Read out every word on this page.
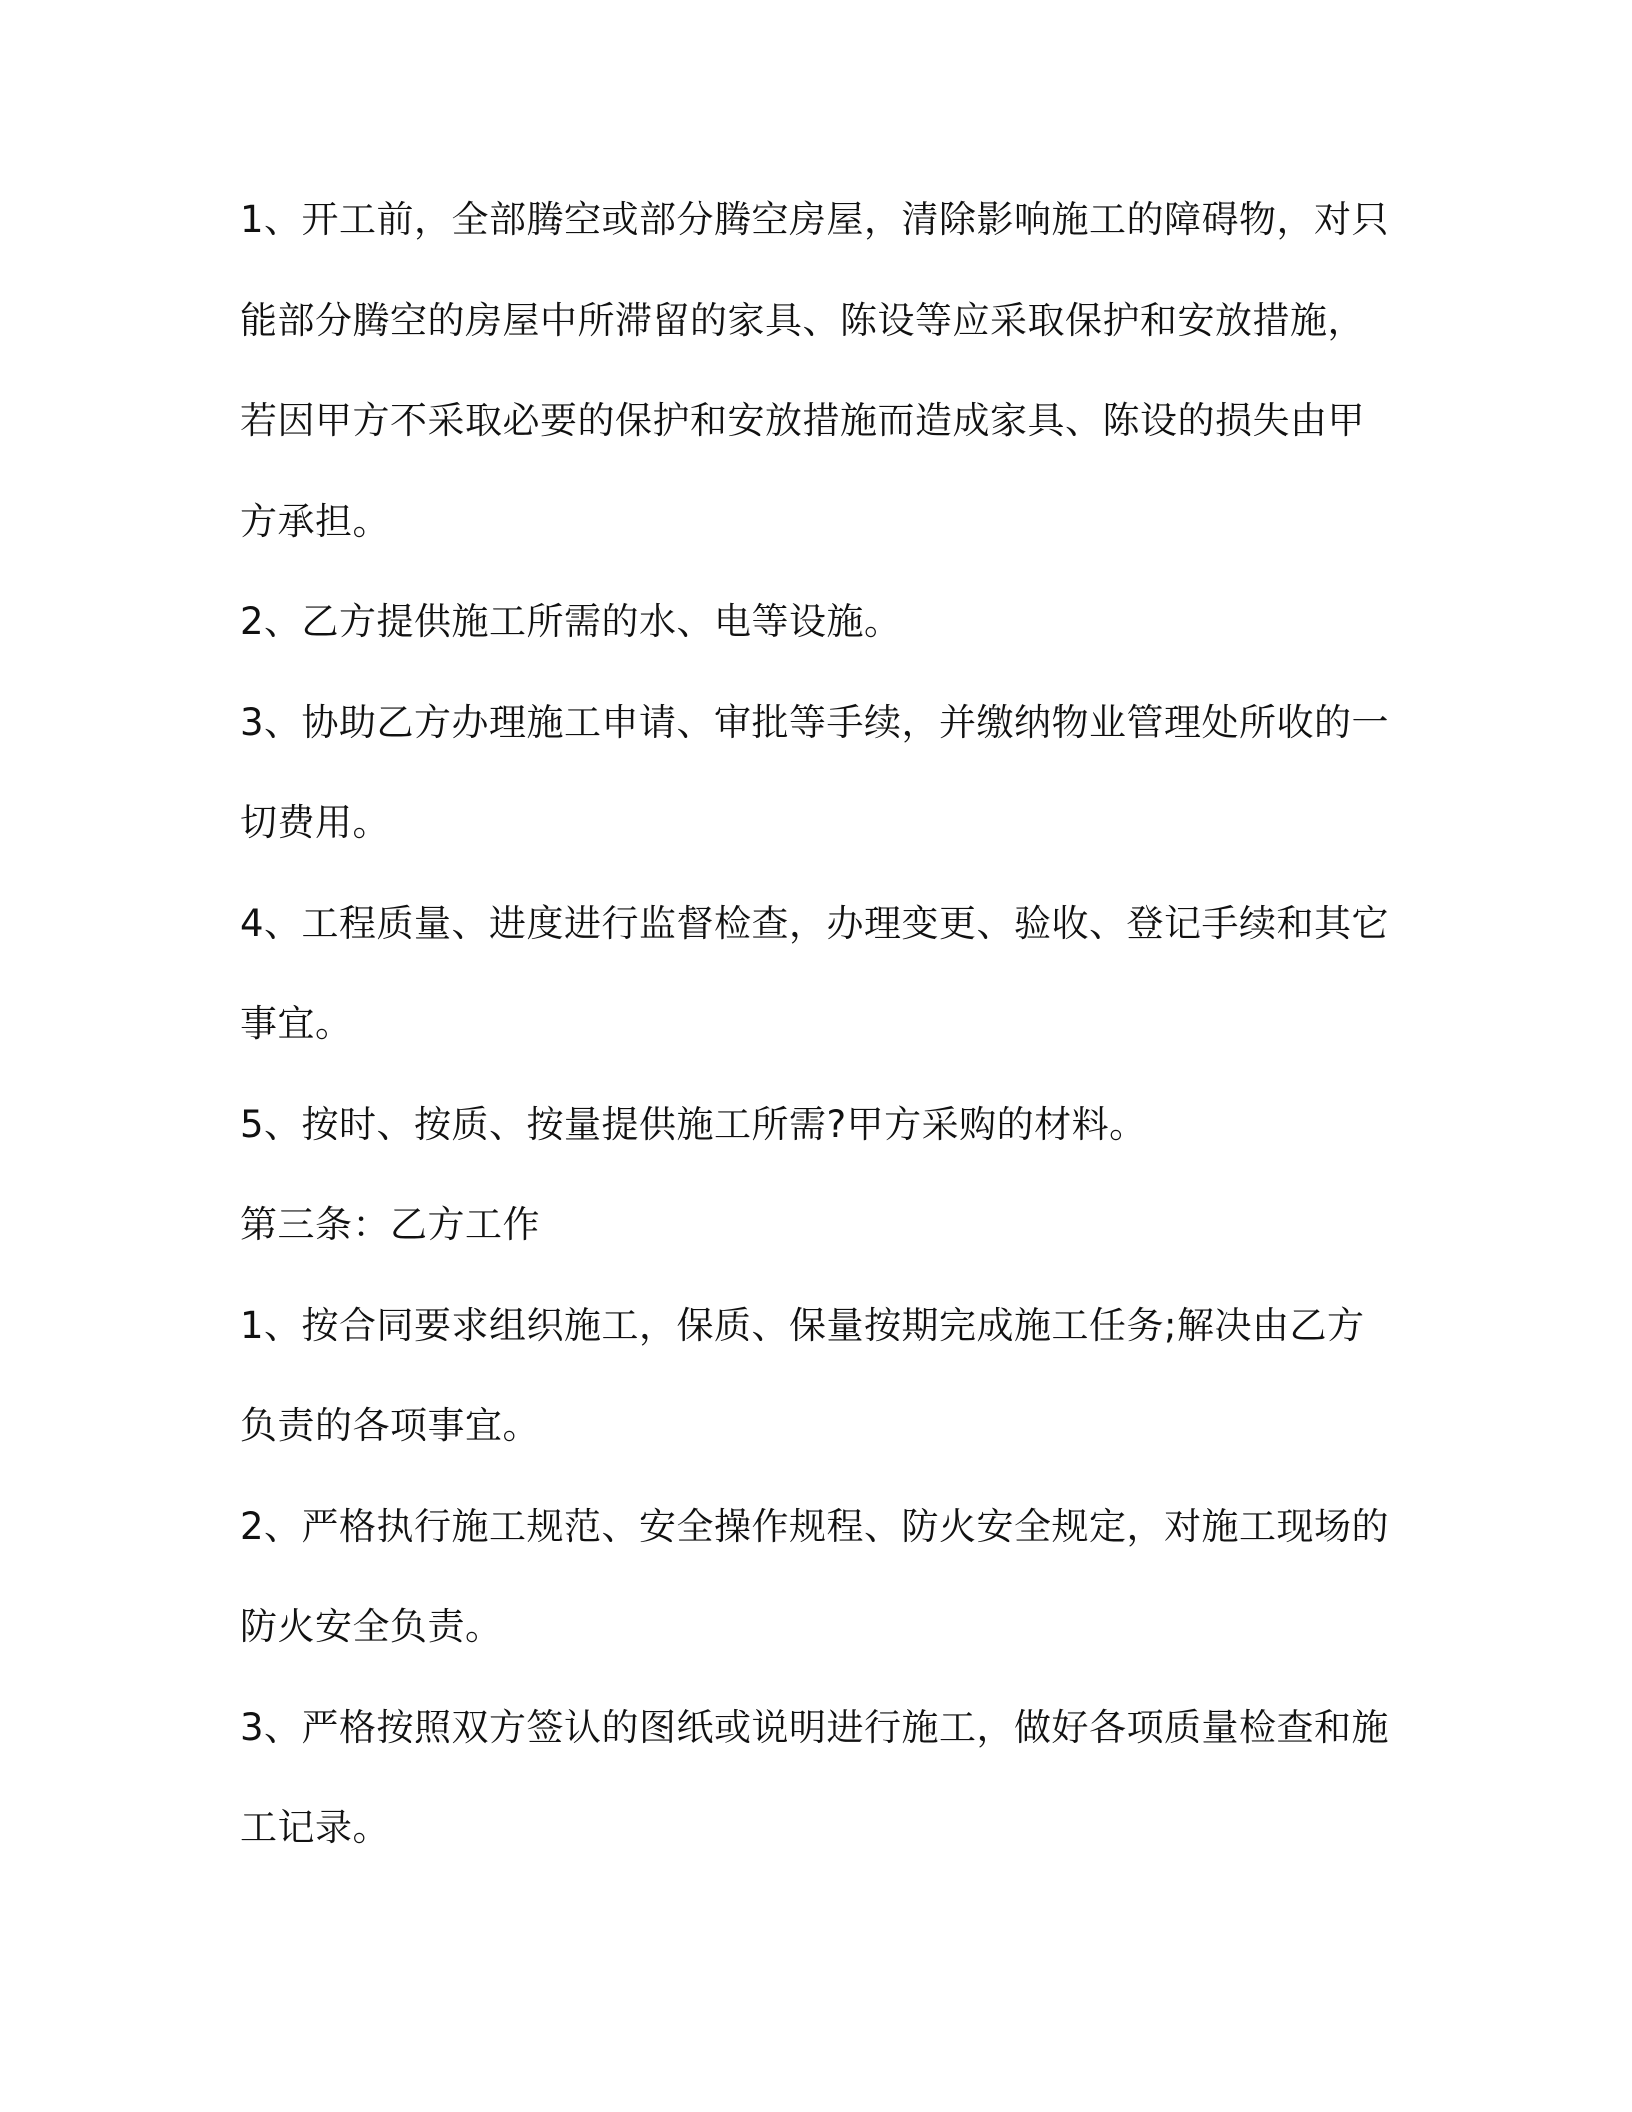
1、开工前，全部腾空或部分腾空房屋，清除影响施工的障碍物，对只
能部分腾空的房屋中所滞留的家具、陈设等应采取保护和安放措施，
若因甲方不采取必要的保护和安放措施而造成家具、陈设的损失由甲
方承担。
2、乙方提供施工所需的水、电等设施。
3、协助乙方办理施工申请、审批等手续，并缴纳物业管理处所收的一
切费用。
4、工程质量、进度进行监督检查，办理变更、验收、登记手续和其它
事宜。
5、按时、按质、按量提供施工所需?甲方采购的材料。
第三条：乙方工作
1、按合同要求组织施工，保质、保量按期完成施工任务;解决由乙方
负责的各项事宜。
2、严格执行施工规范、安全操作规程、防火安全规定，对施工现场的
防火安全负责。
3、严格按照双方签认的图纸或说明进行施工，做好各项质量检查和施
工记录。
